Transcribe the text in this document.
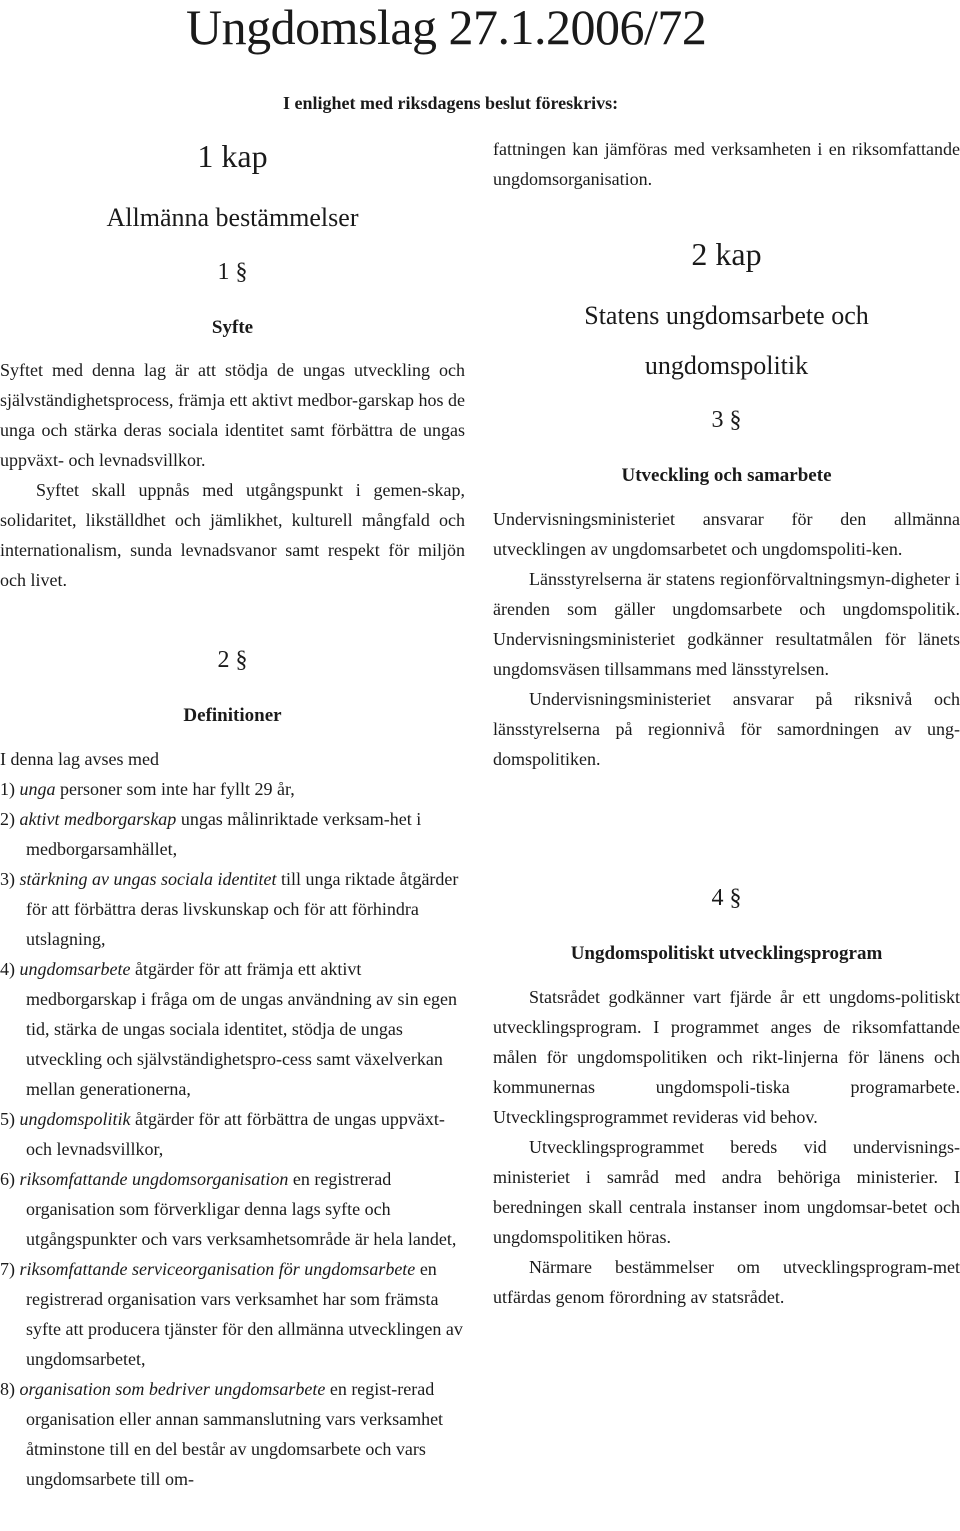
Ungdomslag 27.1.2006/72
I enlighet med riksdagens beslut föreskrivs:
1 kap
Allmänna bestämmelser
1 §
Syfte

Syftet med denna lag är att stödja de ungas utveckling och självständighetsprocess, främja ett aktivt medbor-garskap hos de unga och stärka deras sociala identitet samt förbättra de ungas uppväxt- och levnadsvillkor.

Syftet skall uppnås med utgångspunkt i gemen-skap, solidaritet, likställdhet och jämlikhet, kulturell mångfald och internationalism, sunda levnadsvanor samt respekt för miljön och livet.

2 §
Definitioner
I denna lag avses med
1) unga personer som inte har fyllt 29 år,
2) aktivt medborgarskap ungas målinriktade verksam-het i medborgarsamhället,
3) stärkning av ungas sociala identitet till unga riktade åtgärder för att förbättra deras livskunskap och för att förhindra utslagning,
4) ungdomsarbete åtgärder för att främja ett aktivt medborgarskap i fråga om de ungas användning av sin egen tid, stärka de ungas sociala identitet, stödja de ungas utveckling och självständighetspro-cess samt växelverkan mellan generationerna,
5) ungdomspolitik åtgärder för att förbättra de ungas uppväxt- och levnadsvillkor,
6) riksomfattande ungdomsorganisation en registrerad organisation som förverkligar denna lags syfte och utgångspunkter och vars verksamhetsområde är hela landet,
7) riksomfattande serviceorganisation för ungdomsarbete en registrerad organisation vars verksamhet har som främsta syfte att producera tjänster för den allmänna utvecklingen av ungdomsarbetet,
8) organisation som bedriver ungdomsarbete en regist-rerad organisation eller annan sammanslutning vars verksamhet åtminstone till en del består av ungdomsarbete och vars ungdomsarbete till om-

fattningen kan jämföras med verksamheten i en riksomfattande ungdomsorganisation.

2 kap
Statens ungdomsarbete och
ungdomspolitik
3 §
Utveckling och samarbete

Undervisningsministeriet ansvarar för den allmänna utvecklingen av ungdomsarbetet och ungdomspoliti-ken.

Länsstyrelserna är statens regionförvaltningsmyn-digheter i ärenden som gäller ungdomsarbete och ungdomspolitik. Undervisningsministeriet godkänner resultatmålen för länets ungdomsväsen tillsammans med länsstyrelsen.

Undervisningsministeriet ansvarar på riksnivå och länsstyrelserna på regionnivå för samordningen av ung-domspolitiken.

4 §
Ungdomspolitiskt utvecklingsprogram

Statsrådet godkänner vart fjärde år ett ungdoms-politiskt utvecklingsprogram. I programmet anges de riksomfattande målen för ungdomspolitiken och rikt-linjerna för länens och kommunernas ungdomspoli-tiska programarbete. Utvecklingsprogrammet revideras vid behov.

Utvecklingsprogrammet bereds vid undervisnings-ministeriet i samråd med andra behöriga ministerier. I beredningen skall centrala instanser inom ungdomsar-betet och ungdomspolitiken höras.

Närmare bestämmelser om utvecklingsprogram-met utfärdas genom förordning av statsrådet.
